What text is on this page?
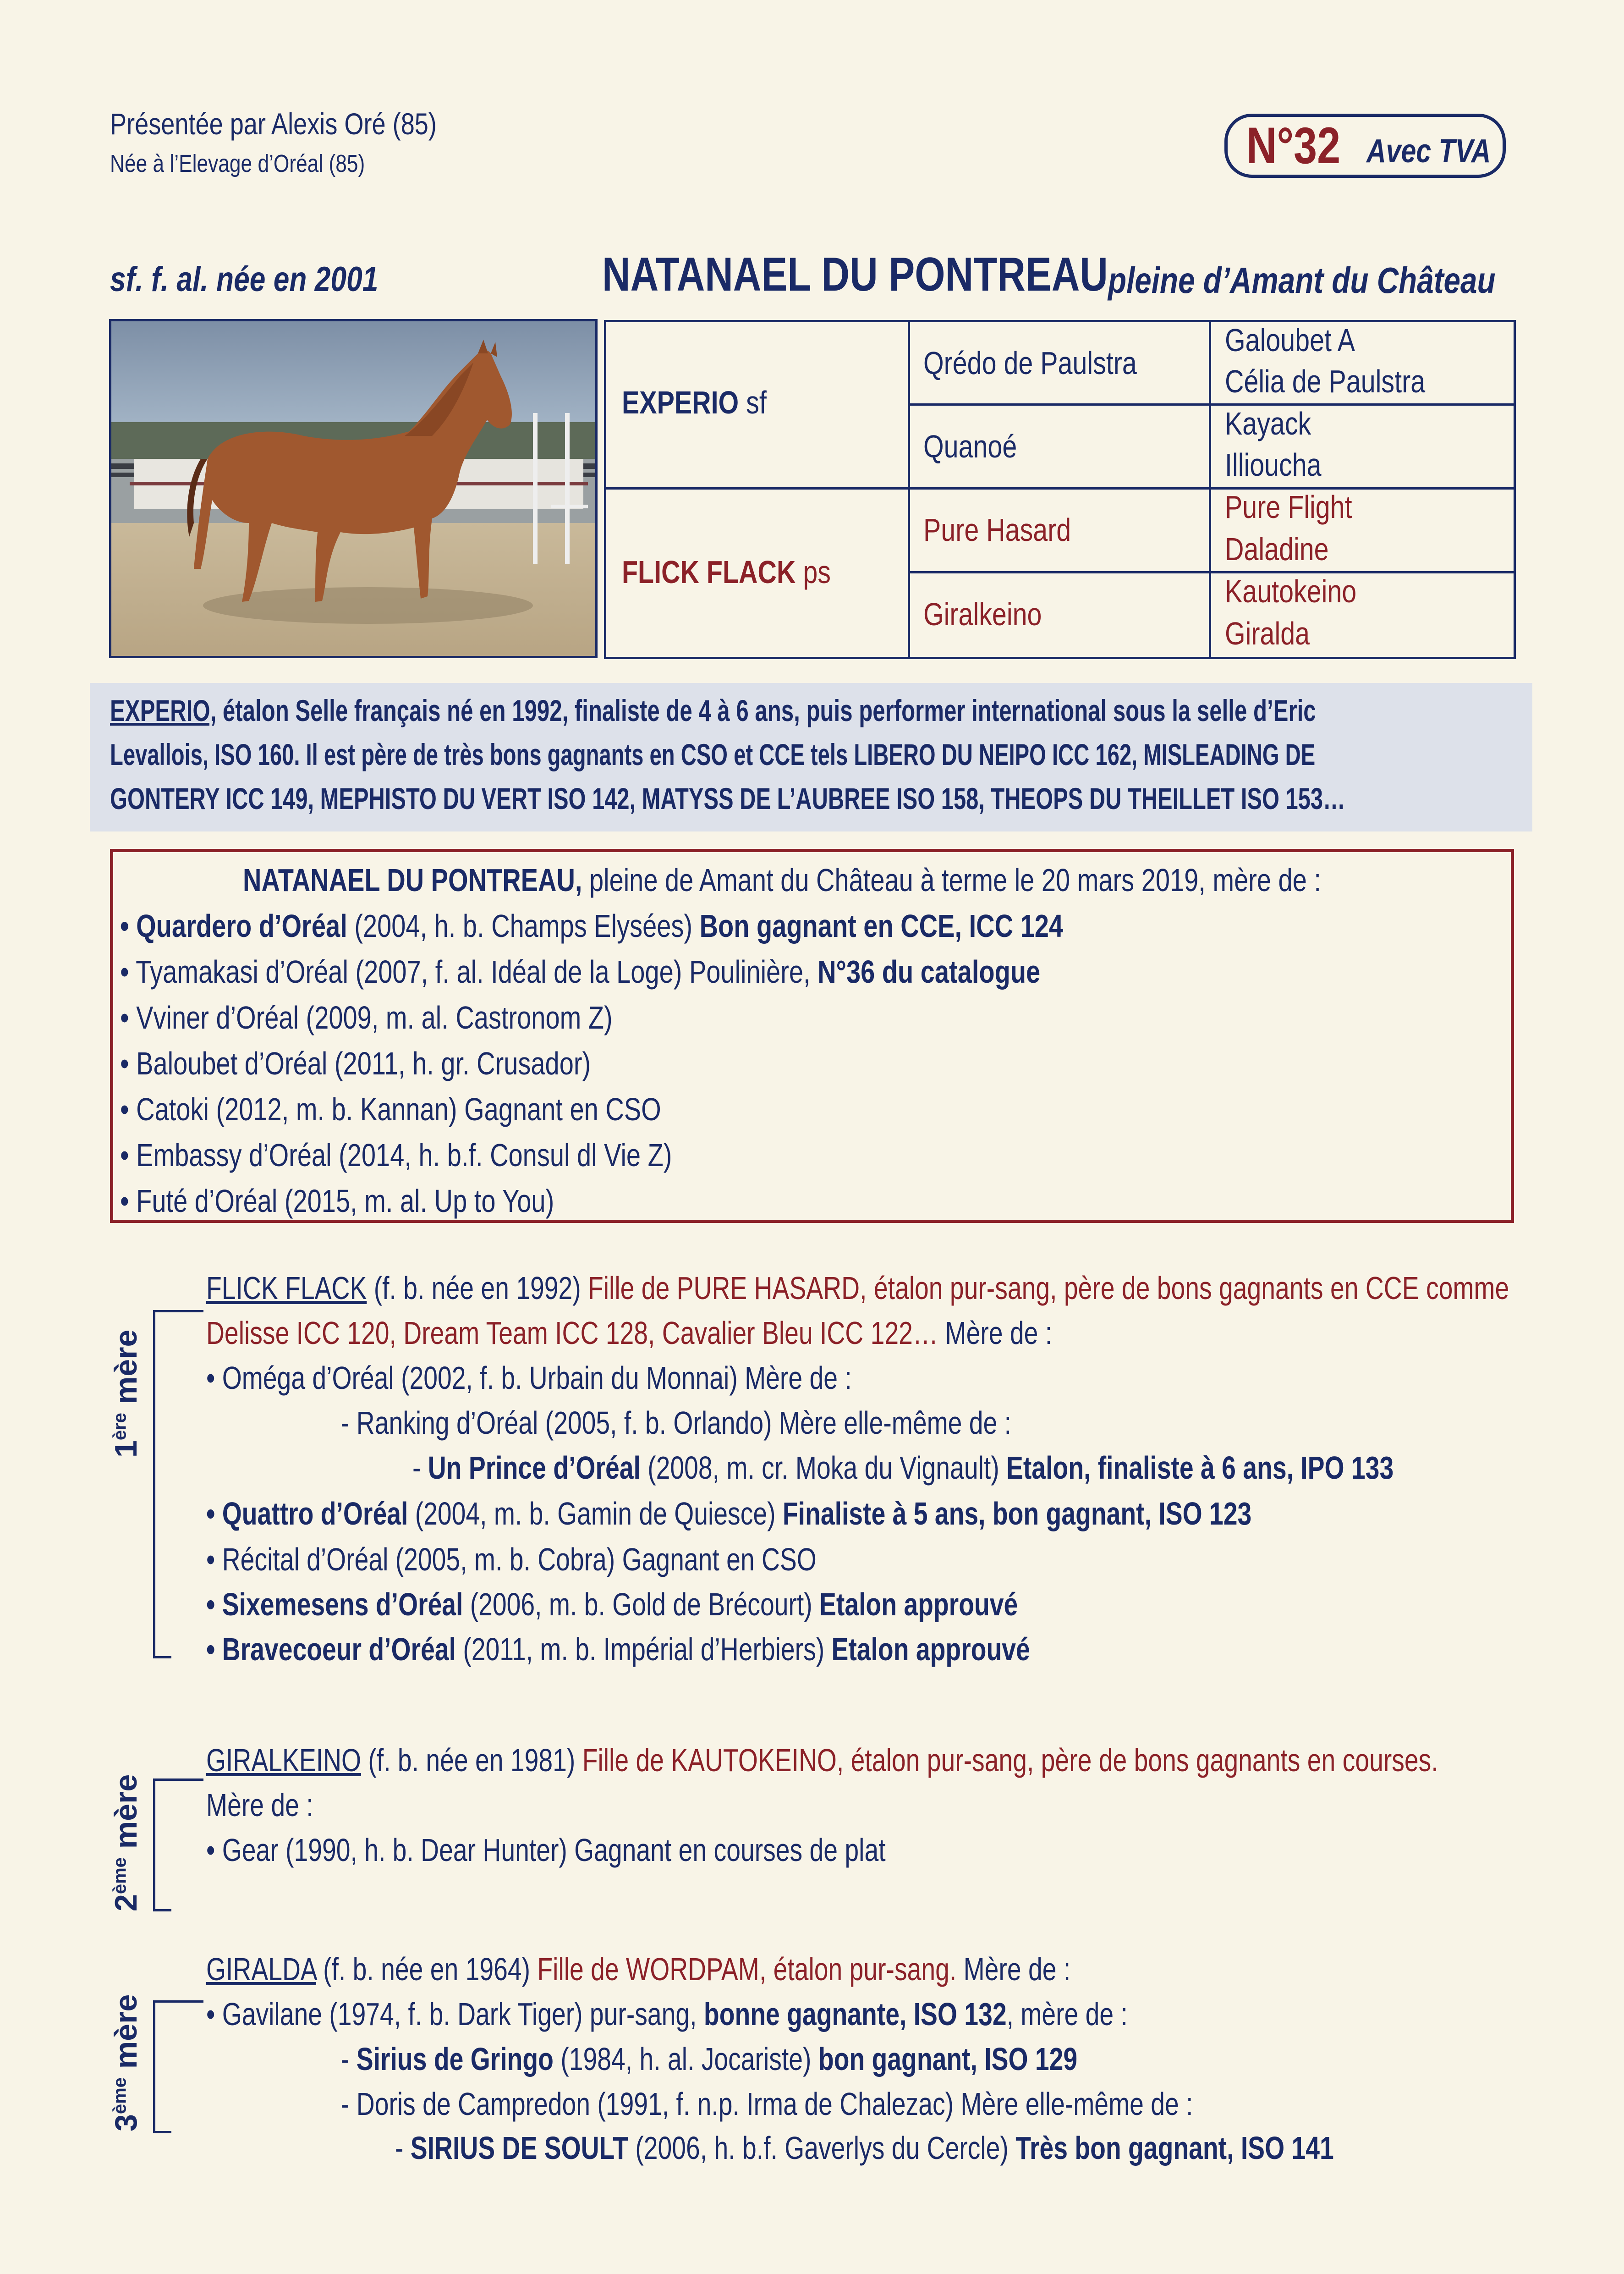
Présentée par Alexis Oré (85)
Née à l’Elevage d’Oréal (85)	N°32 Avec TVA
sf. f. al. née en 2001	NATANAEL DU PONTREAU pleine d’Amant du Château
EXPERIO sf
FLICK FLACK ps
Qrédo de Paulstra
Quanoé
Pure Hasard
Giralkeino
Galoubet A
Célia de Paulstra
Kayack
Illioucha
Pure Flight
Daladine
Kautokeino
Giralda
EXPERIO, étalon Selle français né en 1992, finaliste de 4 à 6 ans, puis performer international sous la selle d’Eric
Levallois, ISO 160. Il est père de très bons gagnants en CSO et CCE tels LIBERO DU NEIPO ICC 162, MISLEADING DE
GONTERY ICC 149, MEPHISTO DU VERT ISO 142, MATYSS DE L’AUBREE ISO 158, THEOPS DU THEILLET ISO 153…
NATANAEL DU PONTREAU, pleine de Amant du Château à terme le 20 mars 2019, mère de :
• Quardero d’Oréal (2004, h. b. Champs Elysées) Bon gagnant en CCE, ICC 124
• Tyamakasi d’Oréal (2007, f. al. Idéal de la Loge) Poulinière, N°36 du catalogue
• Vviner d’Oréal (2009, m. al. Castronom Z)
• Baloubet d’Oréal (2011, h. gr. Crusador)
• Catoki (2012, m. b. Kannan) Gagnant en CSO
• Embassy d’Oréal (2014, h. b.f. Consul dl Vie Z)
• Futé d’Oréal (2015, m. al. Up to You)
1ère mère
FLICK FLACK (f. b. née en 1992) Fille de PURE HASARD, étalon pur-sang, père de bons gagnants en CCE comme
Delisse ICC 120, Dream Team ICC 128, Cavalier Bleu ICC 122… Mère de :
• Oméga d’Oréal (2002, f. b. Urbain du Monnai) Mère de :
- Ranking d’Oréal (2005, f. b. Orlando) Mère elle-même de :
- Un Prince d’Oréal (2008, m. cr. Moka du Vignault) Etalon, finaliste à 6 ans, IPO 133
• Quattro d’Oréal (2004, m. b. Gamin de Quiesce) Finaliste à 5 ans, bon gagnant, ISO 123
• Récital d’Oréal (2005, m. b. Cobra) Gagnant en CSO
• Sixemesens d’Oréal (2006, m. b. Gold de Brécourt) Etalon approuvé
• Bravecoeur d’Oréal (2011, m. b. Impérial d’Herbiers) Etalon approuvé
2ème mère
GIRALKEINO (f. b. née en 1981) Fille de KAUTOKEINO, étalon pur-sang, père de bons gagnants en courses.
Mère de :
• Gear (1990, h. b. Dear Hunter) Gagnant en courses de plat
3ème mère
GIRALDA (f. b. née en 1964) Fille de WORDPAM, étalon pur-sang. Mère de :
• Gavilane (1974, f. b. Dark Tiger) pur-sang, bonne gagnante, ISO 132, mère de :
- Sirius de Gringo (1984, h. al. Jocariste) bon gagnant, ISO 129
- Doris de Campredon (1991, f. n.p. Irma de Chalezac) Mère elle-même de :
- SIRIUS DE SOULT (2006, h. b.f. Gaverlys du Cercle) Très bon gagnant, ISO 141
